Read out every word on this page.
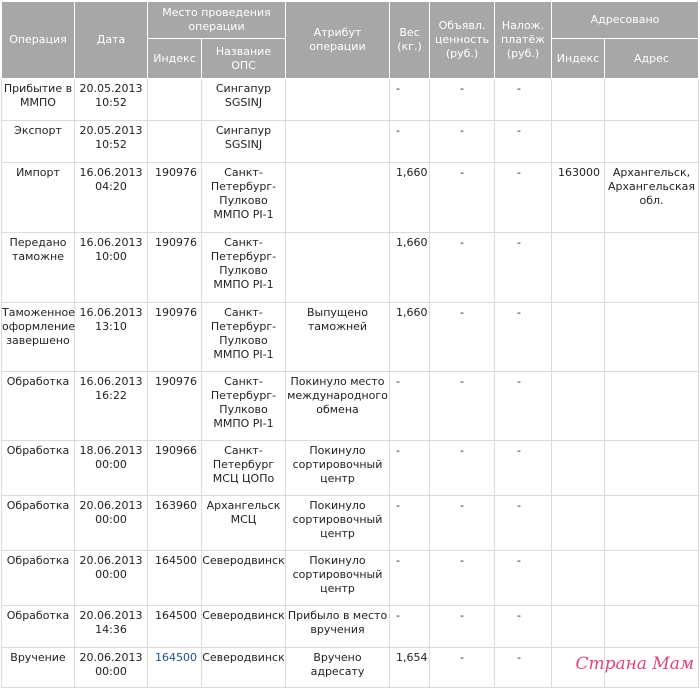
Операция	Дата	Место проведения операции		Атрибут операции	Вес (кг.)	Объявл. ценность (руб.)	Налож. платёж (руб.)	Адресовано	
		Индекс	Название ОПС					Индекс	Адрес
Прибытие в ММПО	20.05.2013 10:52		Сингапур SGSINJ		-	-	-		
Экспорт	20.05.2013 10:52		Сингапур SGSINJ		-	-	-		
Импорт	16.06.2013 04:20	190976	Санкт-Петербург-Пулково ММПО PI-1		1,660	-	-	163000	Архангельск, Архангельская обл.
Передано таможне	16.06.2013 10:00	190976	Санкт-Петербург-Пулково ММПО PI-1		1,660	-	-		
Таможенное оформление завершено	16.06.2013 13:10	190976	Санкт-Петербург-Пулково ММПО PI-1	Выпущено таможней	1,660	-	-		
Обработка	16.06.2013 16:22	190976	Санкт-Петербург-Пулково ММПО PI-1	Покинуло место международного обмена	-	-	-		
Обработка	18.06.2013 00:00	190966	Санкт-Петербург МСЦ ЦОПо	Покинуло сортировочный центр	-	-	-		
Обработка	20.06.2013 00:00	163960	Архангельск МСЦ	Покинуло сортировочный центр	-	-	-		
Обработка	20.06.2013 00:00	164500	Северодвинск	Покинуло сортировочный центр	-	-	-		
Обработка	20.06.2013 14:36	164500	Северодвинск	Прибыло в место вручения	-	-	-		
Вручение	20.06.2013 00:00	164500	Северодвинск	Вручено адресату	1,654	-	-			Страна Мам
